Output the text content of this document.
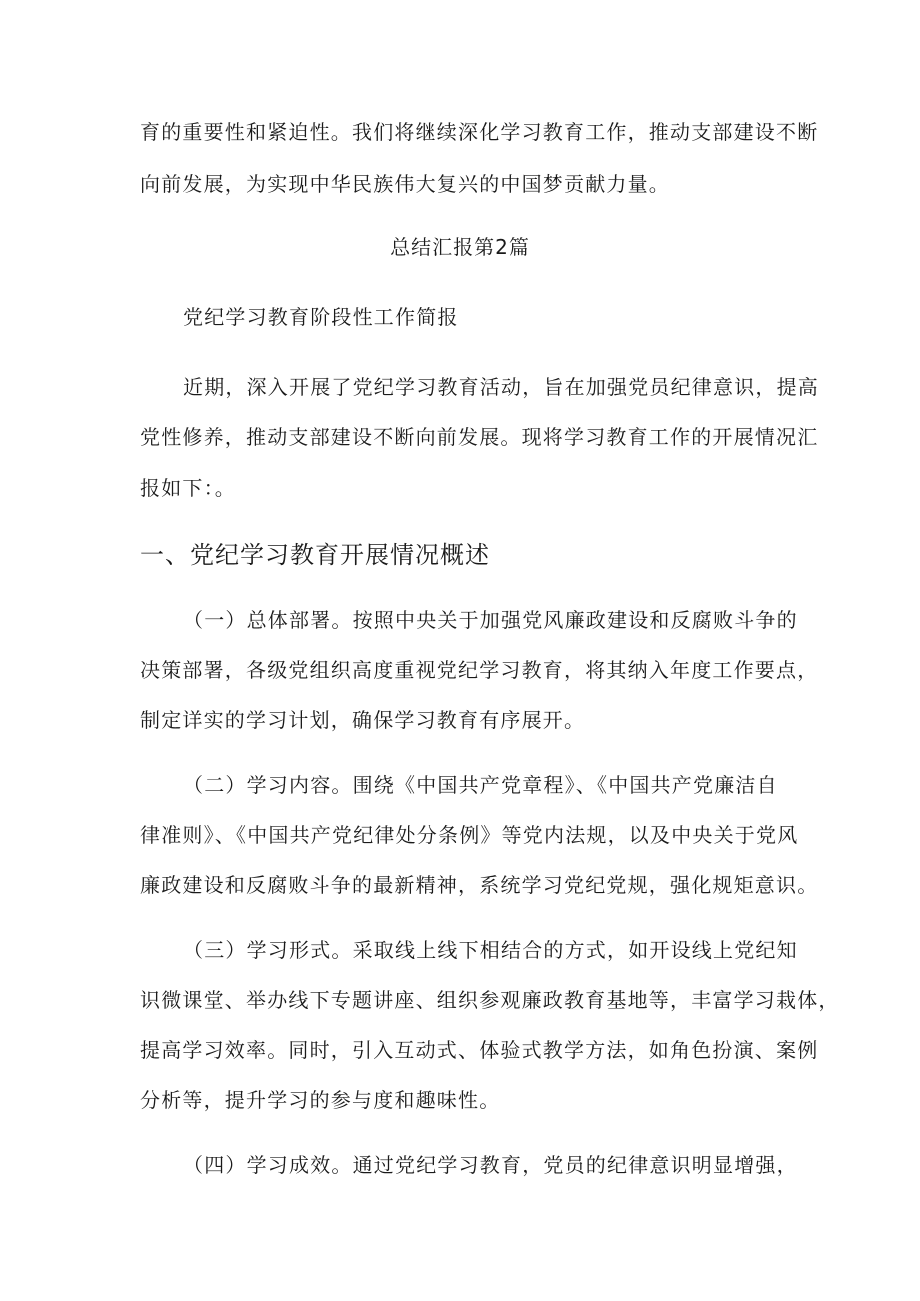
育的重要性和紧迫性。我们将继续深化学习教育工作，推动支部建设不断
向前发展，为实现中华民族伟大复兴的中国梦贡献力量。
总结汇报第2篇
党纪学习教育阶段性工作简报
近期，深入开展了党纪学习教育活动，旨在加强党员纪律意识，提高
党性修养，推动支部建设不断向前发展。现将学习教育工作的开展情况汇
报如下：。
一、党纪学习教育开展情况概述
（一）总体部署。按照中央关于加强党风廉政建设和反腐败斗争的
决策部署，各级党组织高度重视党纪学习教育，将其纳入年度工作要点，
制定详实的学习计划，确保学习教育有序展开。
（二）学习内容。围绕《中国共产党章程》、《中国共产党廉洁自
律准则》、《中国共产党纪律处分条例》等党内法规，以及中央关于党风
廉政建设和反腐败斗争的最新精神，系统学习党纪党规，强化规矩意识。
（三）学习形式。采取线上线下相结合的方式，如开设线上党纪知
识微课堂、举办线下专题讲座、组织参观廉政教育基地等，丰富学习栽体，
提高学习效率。同时，引入互动式、体验式教学方法，如角色扮演、案例
分析等，提升学习的参与度和趣味性。
（四）学习成效。通过党纪学习教育，党员的纪律意识明显增强，
